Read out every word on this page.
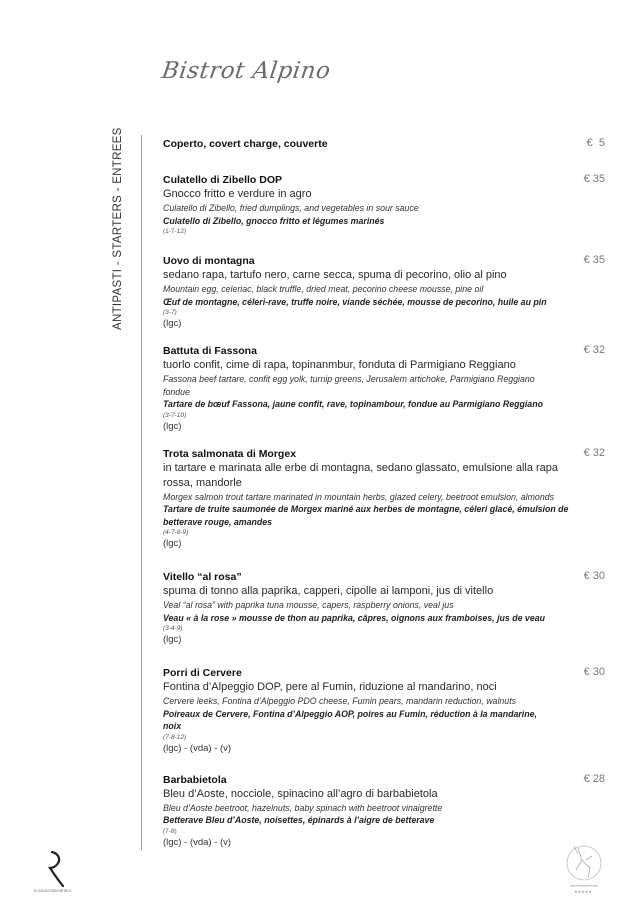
Bistrot Alpino
ANTIPASTI - STARTERS - ENTREES	Coperto, covert charge, couverte	€  5
Culatello di Zibello DOP
Gnocco fritto e verdure in agro
Culatello di Zibello, fried dumplings, and vegetables in sour sauce
Culatello di Zibello, gnocco fritto et légumes marinés
(1-7-12)
€ 35
Uovo di montagna
sedano rapa, tartufo nero, carne secca, spuma di pecorino, olio al pino
Mountain egg, celeriac, black truffle, dried meat, pecorino cheese mousse, pine oil
Œuf de montagne, céleri-rave, truffe noire, viande séchée, mousse de pecorino, huile au pin
(3-7)
(lgc)
€ 35
Battuta di Fassona
tuorlo confit, cime di rapa, topinanmbur, fonduta di Parmigiano Reggiano
Fassona beef tartare, confit egg yolk, turnip greens, Jerusalem artichoke, Parmigiano Reggiano fondue
Tartare de bœuf Fassona, jaune confit, rave, topinambour, fondue au Parmigiano Reggiano
(3-7-10)
(lgc)
€ 32
Trota salmonata di Morgex
in tartare e marinata alle erbe di montagna, sedano glassato, emulsione alla rapa rossa, mandorle
Morgex salmon trout tartare marinated in mountain herbs, glazed celery, beetroot emulsion, almonds
Tartare de truite saumonée de Morgex mariné aux herbes de montagne, céleri glacé, émulsion de betterave rouge, amandes
(4-7-8-9)
(lgc)
€ 32
Vitello “al rosa”
spuma di tonno alla paprika, capperi, cipolle ai lamponi, jus di vitello
Veal “al rosa” with paprika tuna mousse, capers, raspberry onions, veal jus
Veau « à la rose » mousse de thon au paprika, câpres, oignons aux framboises, jus de veau
(3-4-9)
(lgc)
€ 30
Porri di Cervere
Fontina d’Alpeggio DOP, pere al Fumin, riduzione al mandarino, noci
Cervere leeks, Fontina d’Alpeggio PDO cheese, Fumin pears, mandarin reduction, walnuts
Poireaux de Cervere, Fontina d’Alpeggio AOP, poires au Fumin, réduction à la mandarine, noix
(7-8-12)
(lgc) - (vda) - (v)
€ 30
Barbabietola
Bleu d’Aoste, nocciole, spinacino all’agro di barbabietola
Bleu d’Aoste beetroot, hazelnuts, baby spinach with beetroot vinaigrette
Betterave Bleu d’Aoste, noisettes, épinards à l’aigre de betterave
(7-8)
(lgc) - (vda) - (v)
€ 28
R COLLECTION HOTELS	★★★★★
